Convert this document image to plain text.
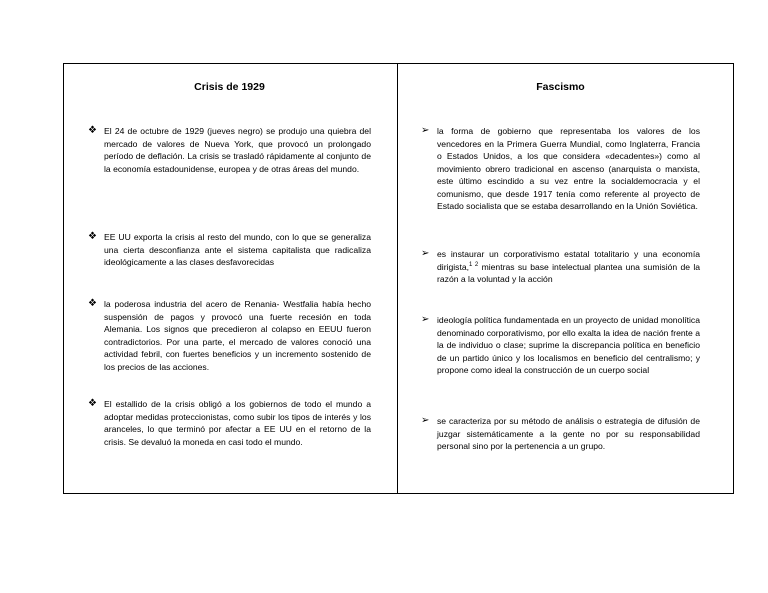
Crisis de 1929
❖ El 24 de octubre de 1929 (jueves negro) se produjo una quiebra del mercado de valores de Nueva York, que provocó un prolongado período de deflación. La crisis se trasladó rápidamente al conjunto de la economía estadounidense, europea y de otras áreas del mundo.
❖ EE UU exporta la crisis al resto del mundo, con lo que se generaliza una cierta desconfianza ante el sistema capitalista que radicaliza ideológicamente a las clases desfavorecidas
❖ la poderosa industria del acero de Renania- Westfalia había hecho suspensión de pagos y provocó una fuerte recesión en toda Alemania. Los signos que precedieron al colapso en EEUU fueron contradictorios. Por una parte, el mercado de valores conoció una actividad febril, con fuertes beneficios y un incremento sostenido de los precios de las acciones.
❖ El estallido de la crisis obligó a los gobiernos de todo el mundo a adoptar medidas proteccionistas, como subir los tipos de interés y los aranceles, lo que terminó por afectar a EE UU en el retorno de la crisis. Se devaluó la moneda en casi todo el mundo.
Fascismo
➢ la forma de gobierno que representaba los valores de los vencedores en la Primera Guerra Mundial, como Inglaterra, Francia o Estados Unidos, a los que considera «decadentes») como al movimiento obrero tradicional en ascenso (anarquista o marxista, este último escindido a su vez entre la socialdemocracia y el comunismo, que desde 1917 tenía como referente al proyecto de Estado socialista que se estaba desarrollando en la Unión Soviética.
➢ es instaurar un corporativismo estatal totalitario y una economía dirigista,$^{1 2}$ mientras su base intelectual plantea una sumisión de la razón a la voluntad y la acción
➢ ideología política fundamentada en un proyecto de unidad monolítica denominado corporativismo, por ello exalta la idea de nación frente a la de individuo o clase; suprime la discrepancia política en beneficio de un partido único y los localismos en beneficio del centralismo; y propone como ideal la construcción de un cuerpo social
➢ se caracteriza por su método de análisis o estrategia de difusión de juzgar sistemáticamente a la gente no por su responsabilidad personal sino por la pertenencia a un grupo.
